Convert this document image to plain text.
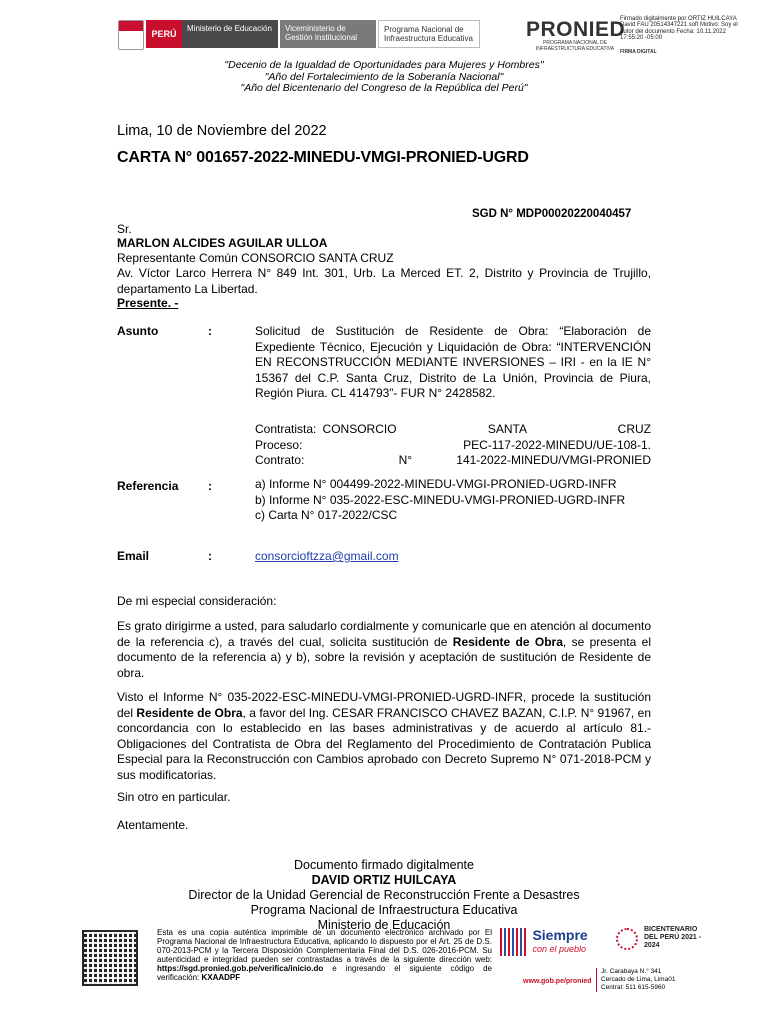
PERÚ
Ministerio de Educación	Viceministerio de Gestión Institucional
Programa Nacional de Infraestructura Educativa	PRONIED
PROGRAMA NACIONAL DE INFRAESTRUCTURA EDUCATIVA
Firmado digitalmente por ORTIZ HUILCAYA David FAU 20514347221 soft Motivo: Soy el autor del documento Fecha: 10.11.2022 17:55:20 -05:00
FIRMA DIGITAL
"Decenio de la Igualdad de Oportunidades para Mujeres y Hombres"
"Año del Fortalecimiento de la Soberanía Nacional"
"Año del Bicentenario del Congreso de la República del Perú"
Lima, 10 de Noviembre del 2022
CARTA N° 001657-2022-MINEDU-VMGI-PRONIED-UGRD
SGD N° MDP00020220040457
Sr.
MARLON ALCIDES AGUILAR ULLOA
Representante Común CONSORCIO SANTA CRUZ
Av. Víctor Larco Herrera N° 849 Int. 301, Urb. La Merced ET. 2, Distrito y Provincia de Trujillo, departamento La Libertad.
Presente. -
Asunto	:	Solicitud de Sustitución de Residente de Obra: “Elaboración de Expediente Técnico, Ejecución y Liquidación de Obra: “INTERVENCIÓN EN RECONSTRUCCIÓN MEDIANTE INVERSIONES – IRI - en la IE N° 15367 del C.P. Santa Cruz, Distrito de La Unión, Provincia de Piura, Región Piura. CL 414793”- FUR N° 2428582.
Contratista: CONSORCIO SANTA CRUZ
Proceso:	PEC-117-2022-MINEDU/UE-108-1.
Contrato:	N°	141-2022-MINEDU/VMGI-PRONIED
Referencia :	a) Informe N° 004499-2022-MINEDU-VMGI-PRONIED-UGRD-INFR
b) Informe N° 035-2022-ESC-MINEDU-VMGI-PRONIED-UGRD-INFR
c) Carta N° 017-2022/CSC
Email	:	consorcioftzza@gmail.com
De mi especial consideración:
Es grato dirigirme a usted, para saludarlo cordialmente y comunicarle que en atención al documento de la referencia c), a través del cual, solicita sustitución de Residente de Obra, se presenta el documento de la referencia a) y b), sobre la revisión y aceptación de sustitución de Residente de obra.
Visto el Informe N° 035-2022-ESC-MINEDU-VMGI-PRONIED-UGRD-INFR, procede la sustitución del Residente de Obra, a favor del Ing. CESAR FRANCISCO CHAVEZ BAZAN, C.I.P. N° 91967, en concordancia con lo establecido en las bases administrativas y de acuerdo al artículo 81.-Obligaciones del Contratista de Obra del Reglamento del Procedimiento de Contratación Publica Especial para la Reconstrucción con Cambios aprobado con Decreto Supremo N° 071-2018-PCM y sus modificatorias.
Sin otro en particular.
Atentamente.
Documento firmado digitalmente
DAVID ORTIZ HUILCAYA
Director de la Unidad Gerencial de Reconstrucción Frente a Desastres
Programa Nacional de Infraestructura Educativa
Ministerio de Educación
Esta es una copia auténtica imprimible de un documento electrónico archivado por El Programa Nacional de Infraestructura Educativa, aplicando lo dispuesto por el Art. 25 de D.S. 070-2013-PCM y la Tercera Disposición Complementaria Final del D.S. 026-2016-PCM. Su autenticidad e integridad pueden ser contrastadas a través de la siguiente dirección web: https://sgd.pronied.gob.pe/verifica/inicio.do e ingresando el siguiente código de verificación: KXAADPF
Siempre
con el pueblo
BICENTENARIO DEL PERÚ 2021 - 2024
www.gob.pe/pronied
Jr. Carabaya N.° 341
Cercado de Lima, Lima01
Central: 511 615-5960
